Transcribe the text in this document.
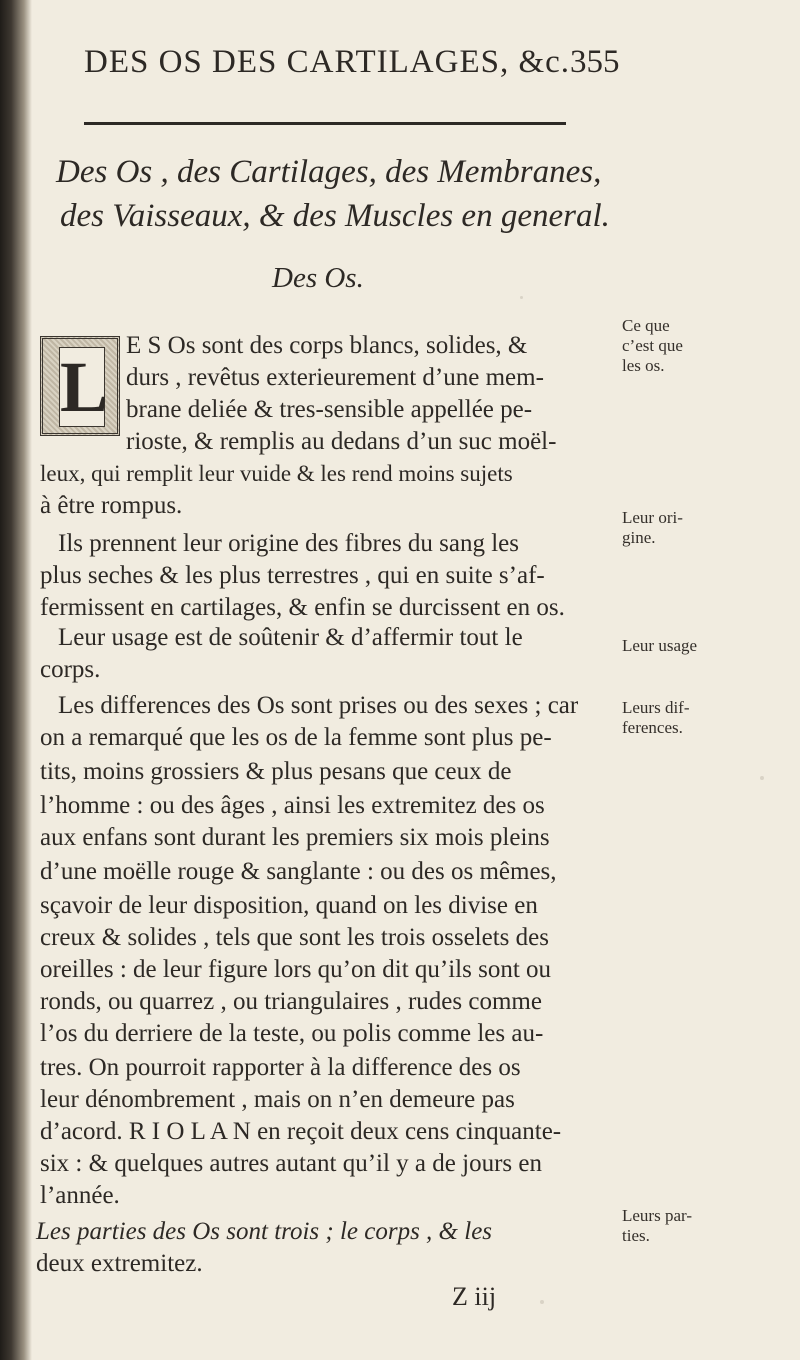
DES OS DES CARTILAGES, &c. 355
Des Os , des Cartilages, des Membranes,
des Vaisseaux, & des Muscles en general.
Des Os.
L
E S Os sont des corps blancs, solides, &
durs , revêtus exterieurement d’une mem-
brane deliée & tres-sensible appellée pe-
rioste, & remplis au dedans d’un suc moël-
leux, qui remplit leur vuide & les rend moins sujets
à être rompus.
Ils prennent leur origine des fibres du sang les
plus seches & les plus terrestres , qui en suite s’af-
fermissent en cartilages, & enfin se durcissent en os.
Leur usage est de soûtenir & d’affermir tout le
corps.
Les differences des Os sont prises ou des sexes ; car
on a remarqué que les os de la femme sont plus pe-
tits, moins grossiers & plus pesans que ceux de
l’homme : ou des âges , ainsi les extremitez des os
aux enfans sont durant les premiers six mois pleins
d’une moëlle rouge & sanglante : ou des os mêmes,
sçavoir de leur disposition, quand on les divise en
creux & solides , tels que sont les trois osselets des
oreilles : de leur figure lors qu’on dit qu’ils sont ou
ronds, ou quarrez , ou triangulaires , rudes comme
l’os du derriere de la teste, ou polis comme les au-
tres. On pourroit rapporter à la difference des os
leur dénombrement , mais on n’en demeure pas
d’acord. R I O L A N en reçoit deux cens cinquante-
six : & quelques autres autant qu’il y a de jours en
l’année.
Les parties des Os sont trois ; le corps , & les
deux extremitez.
Ce que
c’est que
les os.
Leur ori-
gine.
Leur usage
Leurs dif-
ferences.
Leurs par-
ties.
Z iij
